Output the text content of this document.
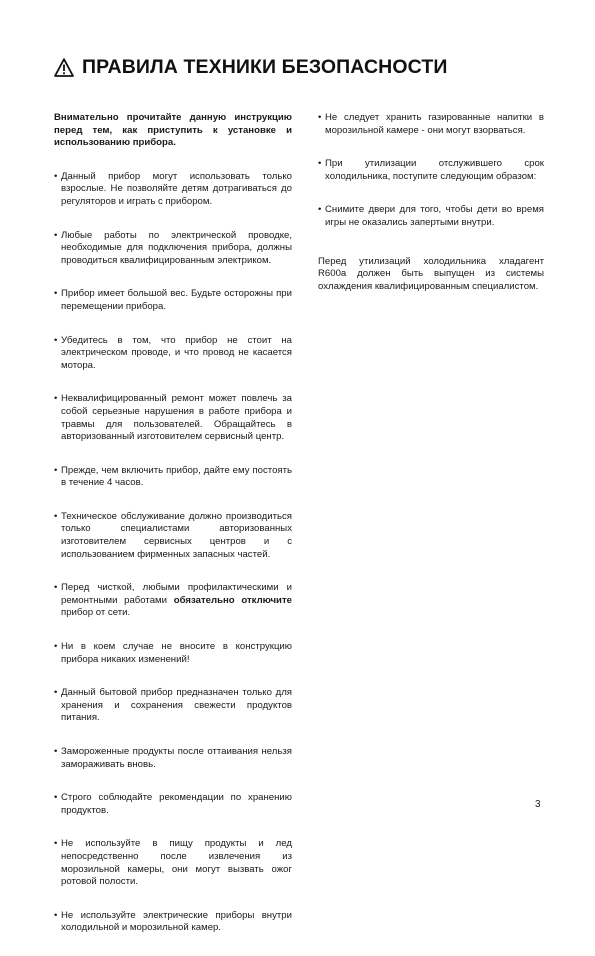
ПРАВИЛА ТЕХНИКИ БЕЗОПАСНОСТИ

Внимательно прочитайте данную инструкцию перед тем, как приступить к установке и использованию прибора.

• Данный прибор могут использовать только взрослые. Не позволяйте детям дотрагиваться до регуляторов и играть с прибором.

• Любые работы по электрической проводке, необходимые для подключения прибора, должны проводиться квалифицированным электриком.

• Прибор имеет большой вес. Будьте осторожны при перемещении прибора.

• Убедитесь в том, что прибор не стоит на электрическом проводе, и что провод не касается мотора.

• Неквалифицированный ремонт может повлечь за собой серьезные нарушения в работе прибора и травмы для пользователей. Обращайтесь в авторизованный изготовителем сервисный центр.

• Прежде, чем включить прибор, дайте ему постоять в течение 4 часов.

• Техническое обслуживание должно производиться только специалистами авторизованных изготовителем сервисных центров и с использованием фирменных запасных частей.

• Перед чисткой, любыми профилактическими и ремонтными работами обязательно отключите прибор от сети.

• Ни в коем случае не вносите в конструкцию прибора никаких изменений!

• Данный бытовой прибор предназначен только для хранения и сохранения свежести продуктов питания.

• Замороженные продукты после оттаивания нельзя замораживать вновь.

• Строго соблюдайте рекомендации по хранению продуктов.

• Не используйте в пищу продукты и лед непосредственно после извлечения из морозильной камеры, они могут вызвать ожог ротовой полости.

• Не используйте электрические приборы внутри холодильной и морозильной камер.

• Не следует хранить газированные напитки в морозильной камере - они могут взорваться.

• При утилизации отслужившего срок холодильника, поступите следующим образом:

• Снимите двери для того, чтобы дети во время игры не оказались запертыми внутри.

Перед утилизаций холодильника хладагент R600a должен быть выпущен из системы охлаждения квалифицированным специалистом.

3
